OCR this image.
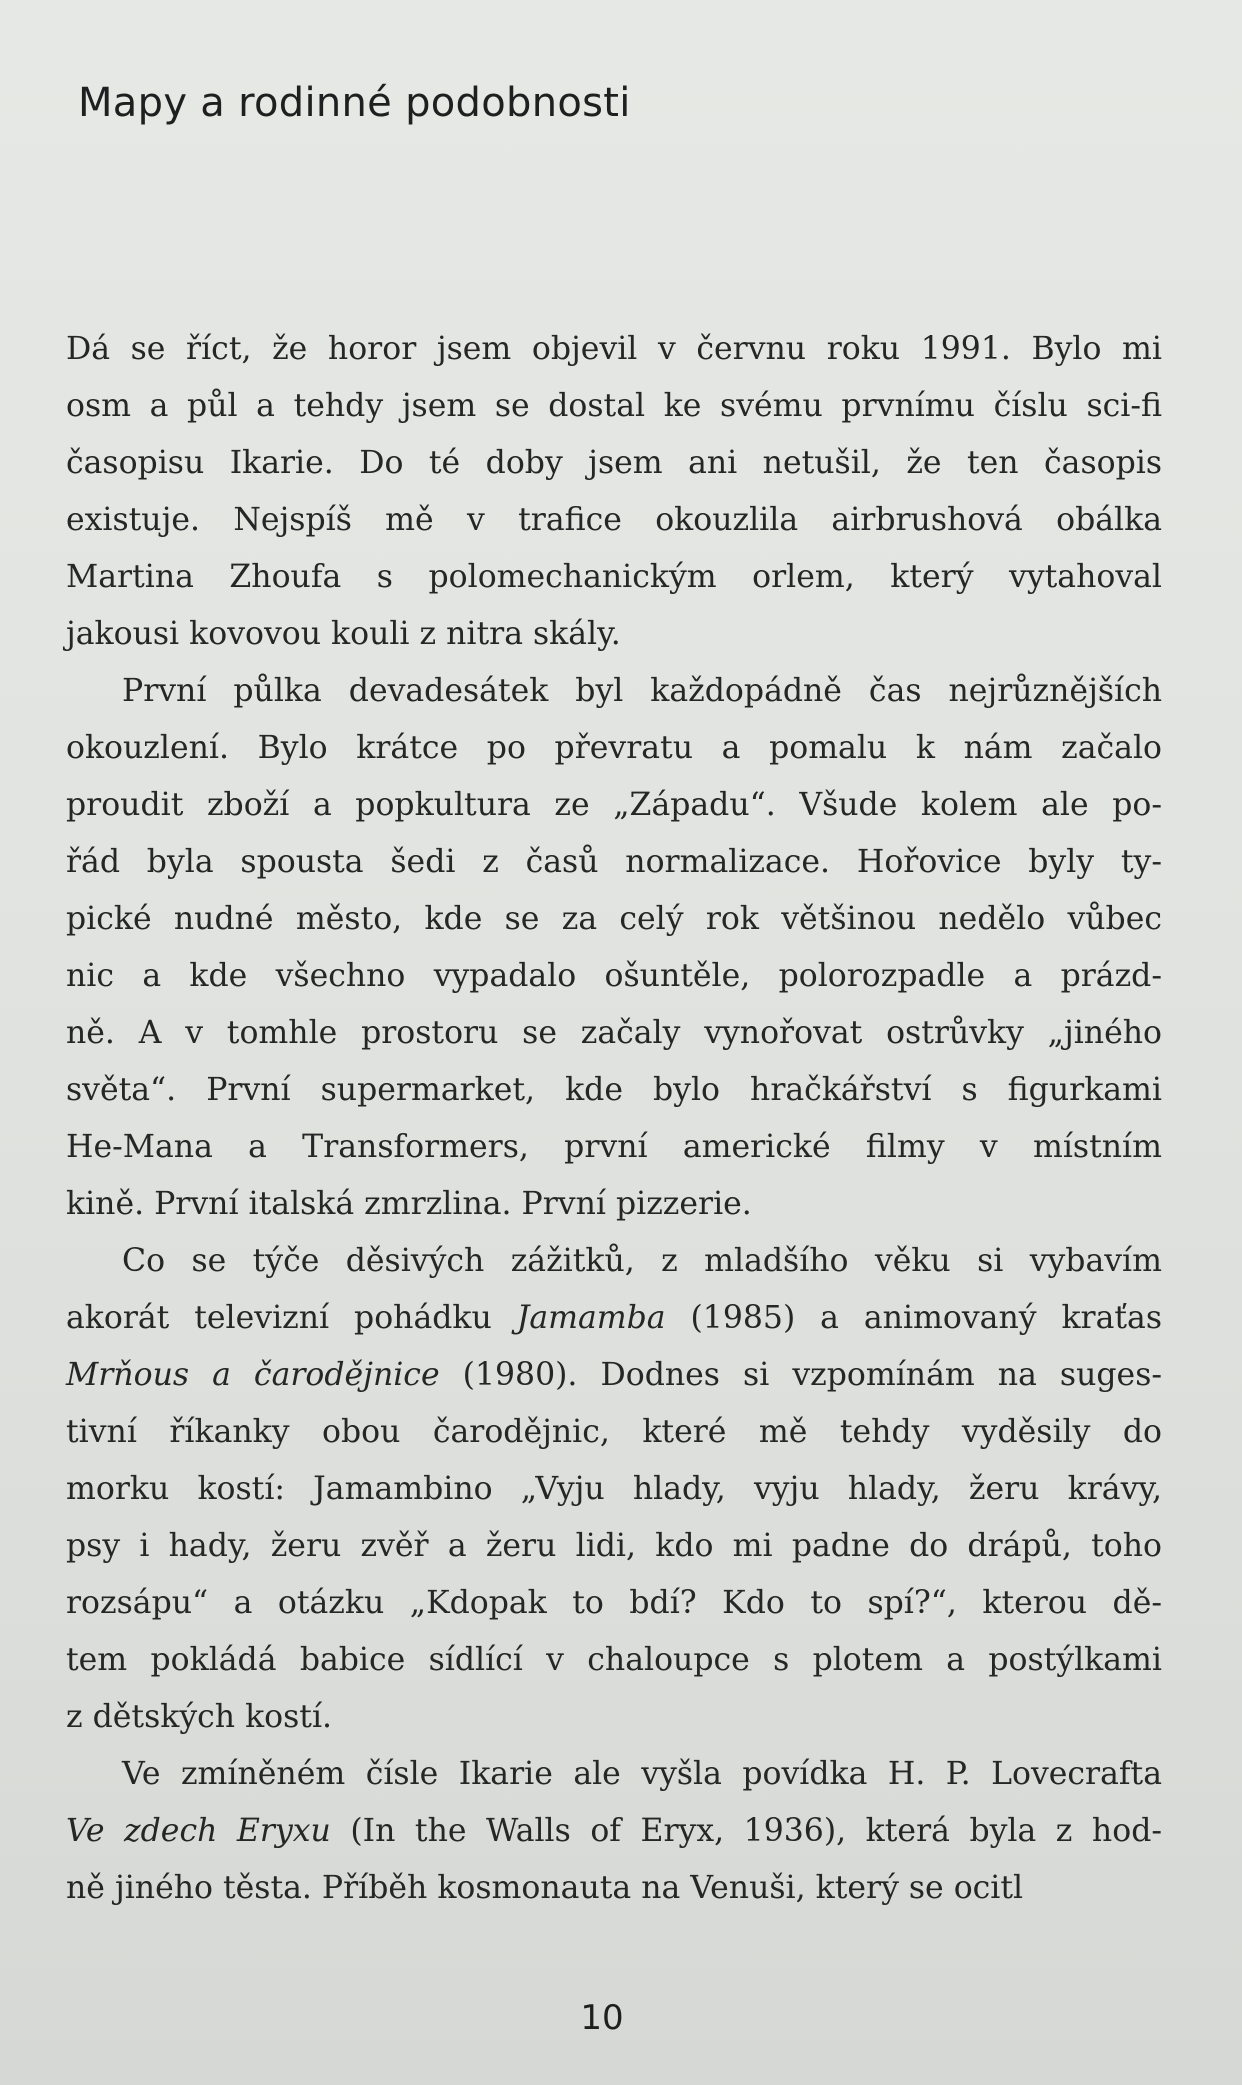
Mapy a rodinné podobnosti
Dá se říct, že horor jsem objevil v červnu roku 1991. Bylo mi
osm a půl a tehdy jsem se dostal ke svému prvnímu číslu sci-fi
časopisu Ikarie. Do té doby jsem ani netušil, že ten časopis
existuje. Nejspíš mě v trafice okouzlila airbrushová obálka
Martina Zhoufa s polomechanickým orlem, který vytahoval
jakousi kovovou kouli z nitra skály.
První půlka devadesátek byl každopádně čas nejrůznějších
okouzlení. Bylo krátce po převratu a pomalu k nám začalo
proudit zboží a popkultura ze „Západu“. Všude kolem ale po-
řád byla spousta šedi z časů normalizace. Hořovice byly ty-
pické nudné město, kde se za celý rok většinou nedělo vůbec
nic a kde všechno vypadalo ošuntěle, polorozpadle a prázd-
ně. A v tomhle prostoru se začaly vynořovat ostrůvky „jiného
světa“. První supermarket, kde bylo hračkářství s figurkami
He-Mana a Transformers, první americké filmy v místním
kině. První italská zmrzlina. První pizzerie.
Co se týče děsivých zážitků, z mladšího věku si vybavím
akorát televizní pohádku Jamamba (1985) a animovaný kraťas
Mrňous a čarodějnice (1980). Dodnes si vzpomínám na suges-
tivní říkanky obou čarodějnic, které mě tehdy vyděsily do
morku kostí: Jamambino „Vyju hlady, vyju hlady, žeru krávy,
psy i hady, žeru zvěř a žeru lidi, kdo mi padne do drápů, toho
rozsápu“ a otázku „Kdopak to bdí? Kdo to spí?“, kterou dě-
tem pokládá babice sídlící v chaloupce s plotem a postýlkami
z dětských kostí.
Ve zmíněném čísle Ikarie ale vyšla povídka H. P. Lovecrafta
Ve zdech Eryxu (In the Walls of Eryx, 1936), která byla z hod-
ně jiného těsta. Příběh kosmonauta na Venuši, který se ocitl
10
